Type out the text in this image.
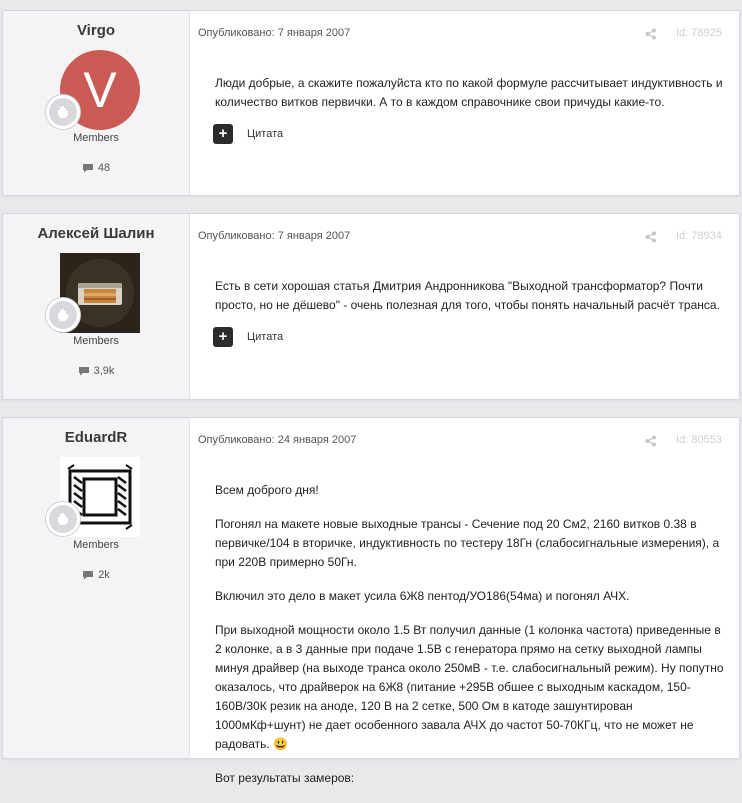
Virgo
V
Members
48
Опубликовано: 7 января 2007	Id: 78925

Люди добрые, а скажите пожалуйста кто по какой формуле рассчитывает индуктивность и количество витков первички. А то в каждом справочнике свои причуды какие-то.

+	Цитата
Алексей Шалин
Members
3,9k
Опубликовано: 7 января 2007	Id: 78934

Есть в сети хорошая статья Дмитрия Андронникова "Выходной трансформатор? Почти просто, но не дёшево" - очень полезная для того, чтобы понять начальный расчёт транса.

+	Цитата
EduardR
Members
2k
Опубликовано: 24 января 2007	Id: 80553

Всем доброго дня!

Погонял на макете новые выходные трансы - Сечение под 20 См2, 2160 витков 0.38 в первичке/104 в вторичке, индуктивность по тестеру 18Гн (слабосигнальные измерения), а при 220В примерно 50Гн.

Включил это дело в макет усила 6Ж8 пентод/УО186(54ма) и погонял АЧХ.

При выходной мощности около 1.5 Вт получил данные (1 колонка частота) приведенные в 2 колонке, а в 3 данные при подаче 1.5В с генератора прямо на сетку выходной лампы минуя драйвер (на выходе транса около 250мВ - т.е. слабосигнальный режим). Ну попутно оказалось, что драйверок на 6Ж8 (питание +295В обшее с выходным каскадом, 150-160В/30К резик на аноде, 120 В на 2 сетке, 500 Ом в катоде зашунтирован 1000мКф+шунт) не дает особенного завала АЧХ до частот 50-70КГц, что не может не радовать. 😃

Вот результаты замеров:
